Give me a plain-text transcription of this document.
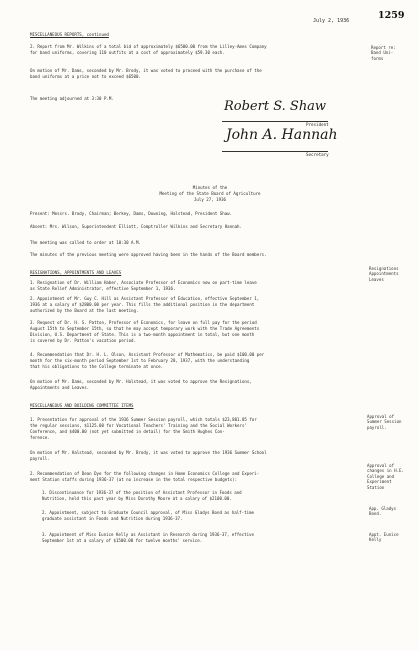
July 2, 1936	1259
MISCELLANEOUS REPORTS, continued
2. Report from Mr. Wilkins of a total bid of approximately $6500.00 from the Lilley-Ames Company
for band uniforms, covering 110 outfits at a cost of approximately $59.30 each.
Report re:
Band Uni-
forms
On motion of Mr. Dams, seconded by Mr. Brody, it was voted to proceed with the purchase of the
band uniforms at a price not to exceed $6500.
The meeting adjourned at 3:30 P.M.
Robert S. Shaw
President
John A. Hannah
Secretary
Minutes of the
Meeting of the State Board of Agriculture
July 27, 1936
Present: Messrs. Brody, Chairman; Berkey, Dams, Downing, Halstead, President Shaw.
Absent: Mrs. Wilson, Superintendent Elliott, Comptroller Wilkins and Secretary Hannah.
The meeting was called to order at 10:30 A.M.
The minutes of the previous meeting were approved having been in the hands of the Board members.
RESIGNATIONS, APPOINTMENTS AND LEAVES
Resignations
Appointments
Leaves
1. Resignation of Dr. William Haber, Associate Professor of Economics now on part-time leave
as State Relief Administrator, effective September 1, 1936.
2. Appointment of Mr. Guy C. Hill as Assistant Professor of Education, effective September 1,
1936 at a salary of $2800.00 per year. This fills the additional position in the department
authorized by the Board at the last meeting.
3. Request of Dr. H. S. Patton, Professor of Economics, for leave on full pay for the period
August 15th to September 15th, so that he may accept temporary work with the Trade Agreements
Division, U.S. Department of State. This is a two-month appointment in total, but one month
is covered by Dr. Patton's vacation period.
4. Recommendation that Dr. H. L. Olson, Assistant Professor of Mathematics, be paid $100.00 per
month for the six-month period September 1st to February 28, 1937, with the understanding
that his obligations to the College terminate at once.
On motion of Mr. Dams, seconded by Mr. Halstead, it was voted to approve the Resignations,
Appointments and Leaves.
MISCELLANEOUS AND BUILDING COMMITTEE ITEMS
1. Presentation for approval of the 1936 Summer Session payroll, which totals $23,801.85 for
the regular sessions, $1125.00 for Vocational Teachers' Training and the Social Workers'
Conference, and $400.00 (not yet submitted in detail) for the Smith Hughes Con-
ference.
Approval of
Summer Session
payroll.
On motion of Mr. Halstead, seconded by Mr. Brody, it was voted to approve the 1936 Summer School
payroll.
2. Recommendation of Dean Dye for the following changes in Home Economics College and Experi-
ment Station staffs during 1936-37 (at no increase in the total respective budgets):
Approval of
changes in H.E.
College and
Experiment
Station
1. Discontinuance for 1936-37 of the position of Assistant Professor in Foods and
Nutrition, held this past year by Miss Dorothy Moore at a salary of $2100.00.
2. Appointment, subject to Graduate Council approval, of Miss Gladys Bond as half-time
graduate assistant in Foods and Nutrition during 1936-37.
App. Gladys
Bond.
3. Appointment of Miss Eunice Kelly as Assistant in Research during 1936-37, effective
September 1st at a salary of $1500.00 for twelve months' service.
Appt. Eunice
Kelly
